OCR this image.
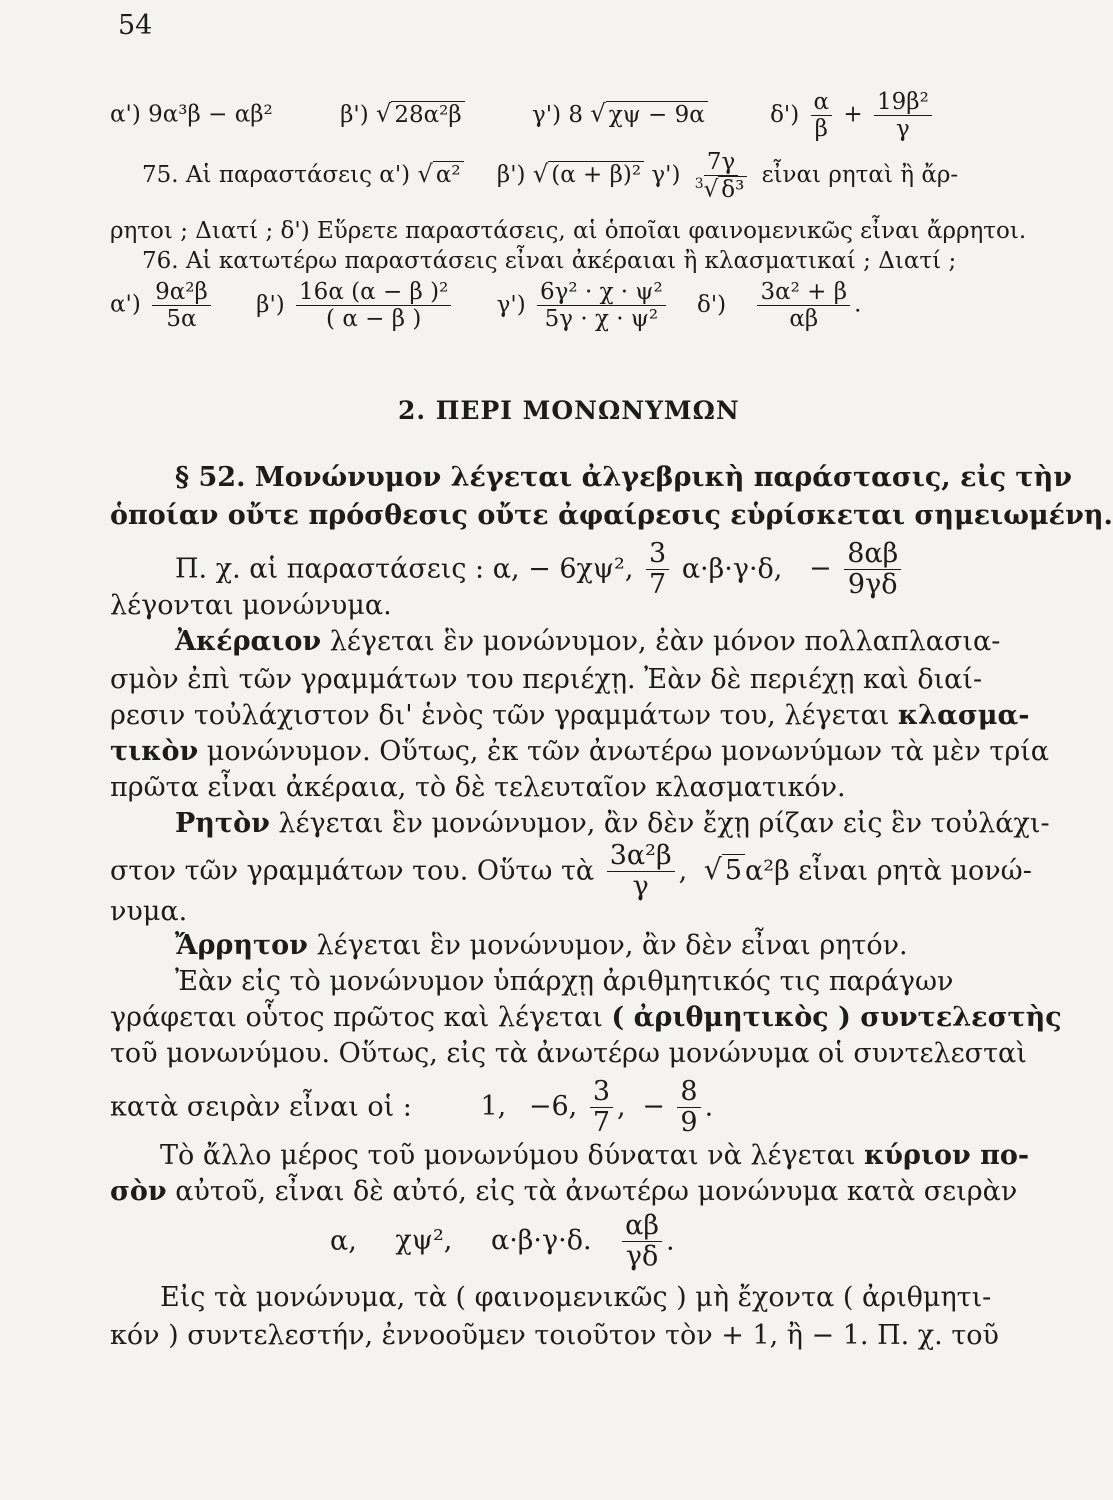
54
α') 9α³β − αβ²	β') √ 28α²β	γ') 8 √ χψ − 9α	$\delta') \frac{\alpha}{\beta} + \frac{\text{19β²}}{\gamma}$
75. Αἱ παραστάσεις α') √ α² β') √ (α + β)² $\gamma') \frac{7\gamma}{^3√ \delta^3}$ εἶναι ρηταὶ ἢ ἄρ-
ρητοι ; Διατί ; δ') Εὕρετε παραστάσεις, αἱ ὁποῖαι φαινομενικῶς εἶναι ἄρρητοι.
76. Αἱ κατωτέρω παραστάσεις εἶναι ἀκέραιαι ἢ κλασματικαί ; Διατί ;
$\alpha') \frac{\text{9α²β}}{5\alpha} \beta') \frac{\text{16α (α − β )²}}{( \alpha - \beta )} \gamma') \frac{\text{6γ² · χ · ψ²}}{\text{5γ · χ · ψ²}} \delta') \frac{\text{3α² + β}}{\alpha\beta}$ .
2. ΠΕΡΙ ΜΟΝΩΝΥΜΩΝ
§ 52. Μονώνυμον λέγεται ἀλγεβρικὴ παράστασις, εἰς τὴν
ὁποίαν οὔτε πρόσθεσις οὔτε ἀφαίρεσις εὑρίσκεται σημειωμένη.
Π. χ. αἱ παραστάσεις : α, − 6χψ², $\frac{3}{7} \alpha\cdot\beta\cdot\gamma\cdot\delta$, − $\frac{8\alpha\beta}{9\gamma\delta}$
λέγονται μονώνυμα.
Ἀκέραιον λέγεται ἓν μονώνυμον, ἐὰν μόνον πολλαπλασια-
σμὸν ἐπὶ τῶν γραμμάτων του περιέχῃ. Ἐὰν δὲ περιέχῃ καὶ διαί-
ρεσιν τοὐλάχιστον δι' ἑνὸς τῶν γραμμάτων του, λέγεται κλασμα-
τικὸν μονώνυμον. Οὕτως, ἐκ τῶν ἀνωτέρω μονωνύμων τὰ μὲν τρία
πρῶτα εἶναι ἀκέραια, τὸ δὲ τελευταῖον κλασματικόν.
Ρητὸν λέγεται ἓν μονώνυμον, ἂν δὲν ἔχῃ ρίζαν εἰς ἓν τοὐλάχι-
στον τῶν γραμμάτων του. Οὕτω τὰ $\frac{\text{3α²β}}{\gamma}$ , √ 5 α²β εἶναι ρητὰ μονώ-
νυμα.
Ἄρρητον λέγεται ἓν μονώνυμον, ἂν δὲν εἶναι ρητόν.
Ἐὰν εἰς τὸ μονώνυμον ὑπάρχῃ ἀριθμητικός τις παράγων
γράφεται οὗτος πρῶτος καὶ λέγεται ( ἀριθμητικὸς ) συντελεστὴς
τοῦ μονωνύμου. Οὕτως, εἰς τὰ ἀνωτέρω μονώνυμα οἱ συντελεσταὶ
κατὰ σειρὰν εἶναι οἱ :	1, −6, $\frac{3}{7}$ , − $\frac{8}{9}$ .
Τὸ ἄλλο μέρος τοῦ μονωνύμου δύναται νὰ λέγεται κύριον πο-
σὸν αὐτοῦ, εἶναι δὲ αὐτό, εἰς τὰ ἀνωτέρω μονώνυμα κατὰ σειρὰν
α, χψ², α·β·γ·δ. $\frac{\alpha\beta}{\gamma\delta}$ .
Εἰς τὰ μονώνυμα, τὰ ( φαινομενικῶς ) μὴ ἔχοντα ( ἀριθμητι-
κόν ) συντελεστήν, ἐννοοῦμεν τοιοῦτον τὸν + 1, ἢ − 1. Π. χ. τοῦ
